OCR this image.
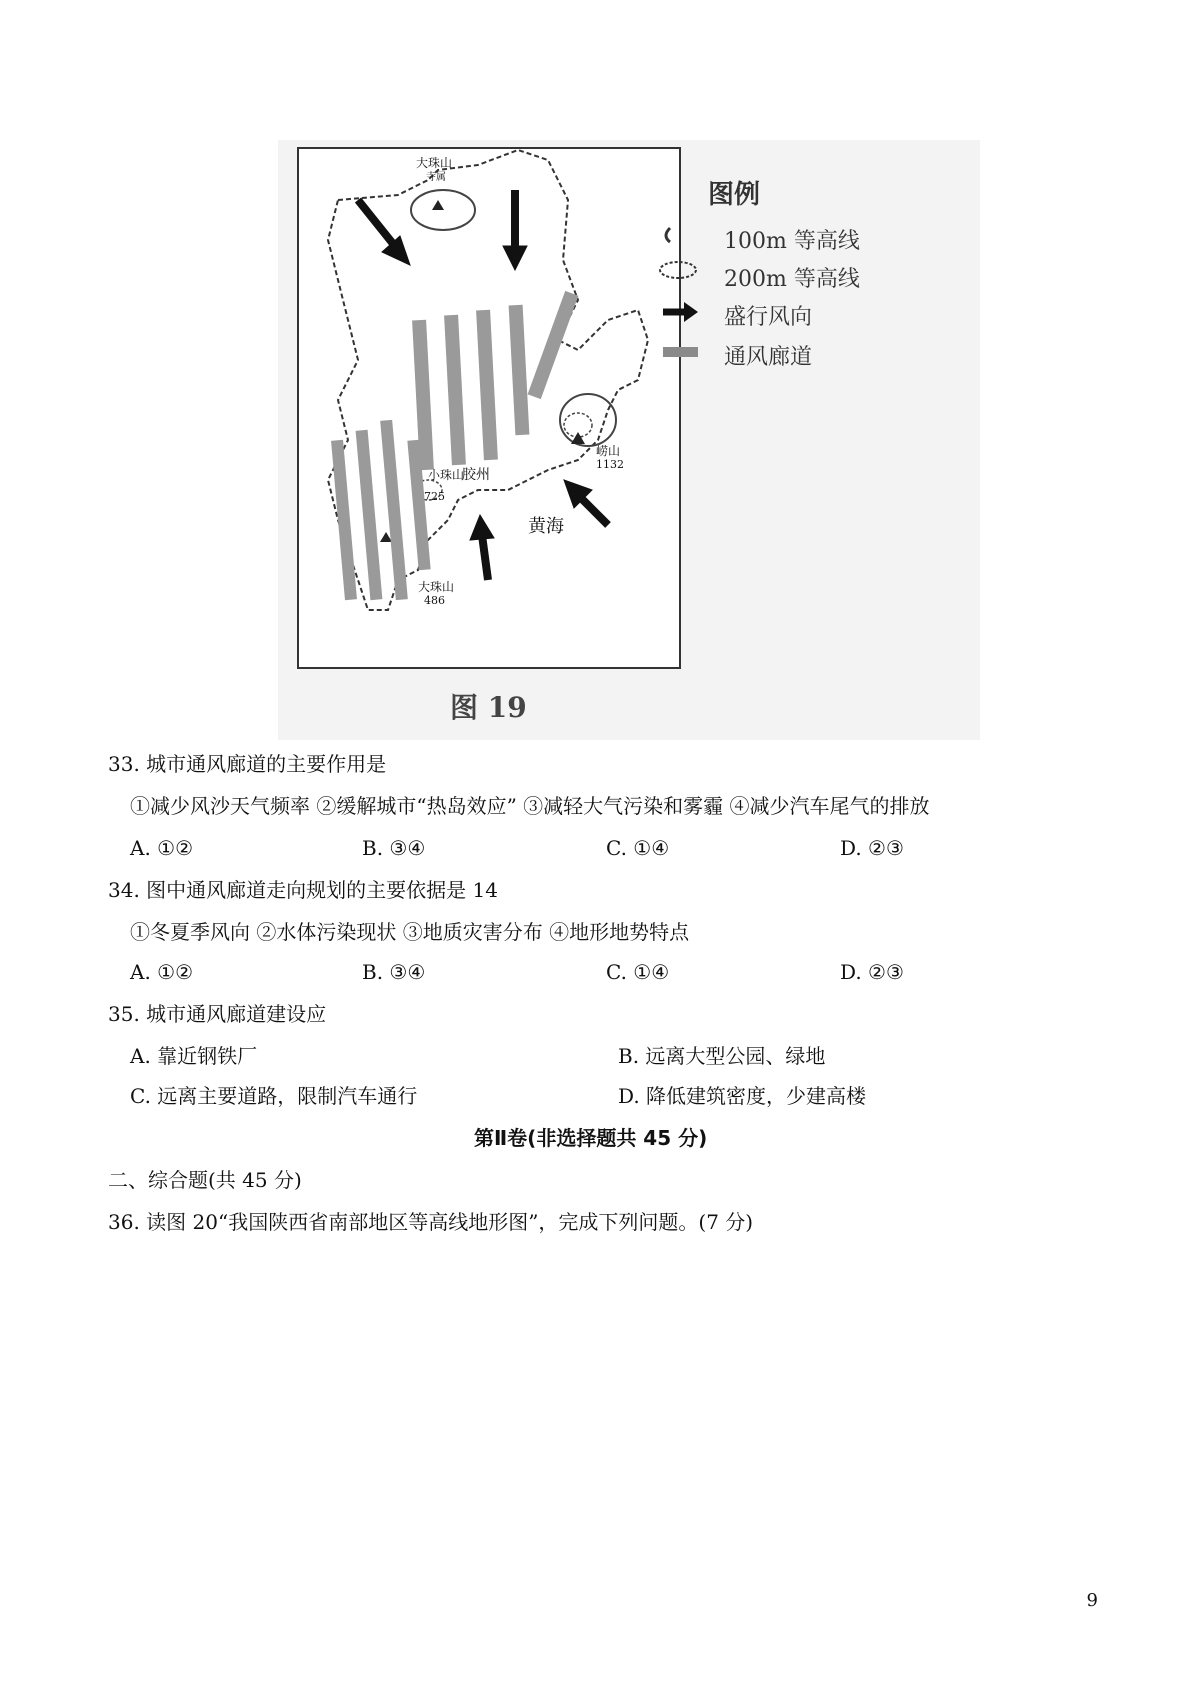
大珠山
寺属
崂山
1132
小珠山
胶州
725
大珠山
486
黄海
图例
100m 等高线
200m 等高线
盛行风向
通风廊道
图 19
33. 城市通风廊道的主要作用是
①减少风沙天气频率 ②缓解城市“热岛效应” ③减轻大气污染和雾霾 ④减少汽车尾气的排放
A. ①②	B. ③④	C. ①④	D. ②③
34. 图中通风廊道走向规划的主要依据是 14
①冬夏季风向 ②水体污染现状 ③地质灾害分布 ④地形地势特点
A. ①②	B. ③④	C. ①④	D. ②③
35. 城市通风廊道建设应
A. 靠近钢铁厂	B. 远离大型公园、绿地
C. 远离主要道路，限制汽车通行	D. 降低建筑密度，少建高楼
第Ⅱ卷(非选择题共 45 分)
二、综合题(共 45 分)
36. 读图 20“我国陕西省南部地区等高线地形图”，完成下列问题。(7 分)
9
